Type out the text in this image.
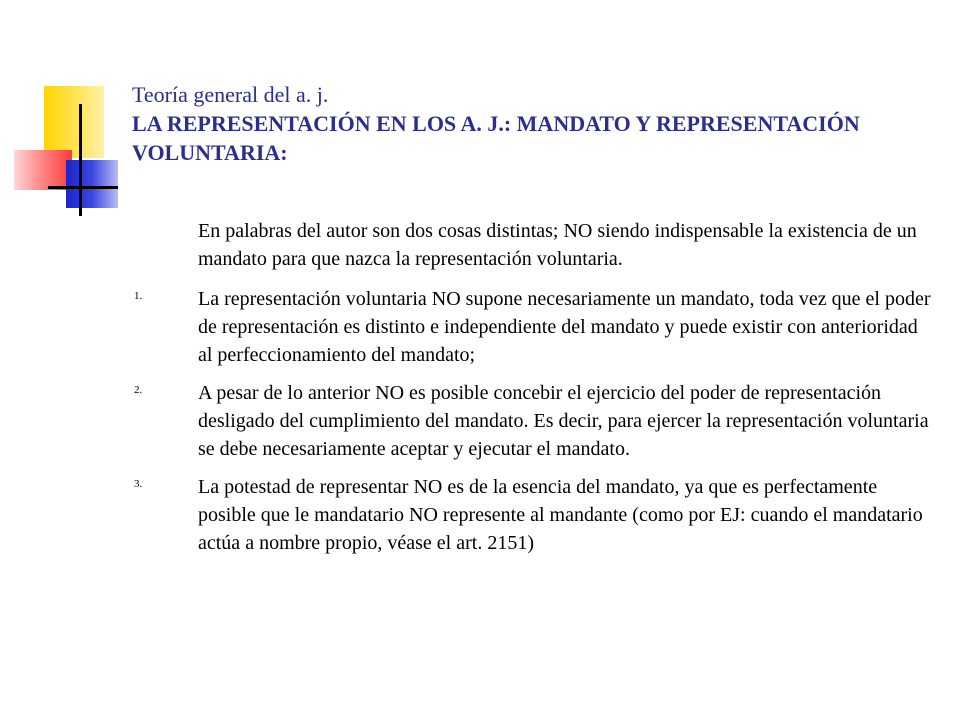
Teoría general del a. j.
LA REPRESENTACIÓN EN LOS A. J.: MANDATO Y REPRESENTACIÓN VOLUNTARIA:

En palabras del autor son dos cosas distintas; NO siendo indispensable la existencia de un mandato para que nazca la representación voluntaria.

1.	La representación voluntaria NO supone necesariamente un mandato, toda vez que el poder de representación es distinto e independiente del mandato y puede existir con anterioridad al perfeccionamiento del mandato;
2.	A pesar de lo anterior NO es posible concebir el ejercicio del poder de representación desligado del cumplimiento del mandato. Es decir, para ejercer la representación voluntaria se debe necesariamente aceptar y ejecutar el mandato.
3.	La potestad de representar NO es de la esencia del mandato, ya que es perfectamente posible que le mandatario NO represente al mandante (como por EJ: cuando el mandatario actúa a nombre propio, véase el art. 2151)
